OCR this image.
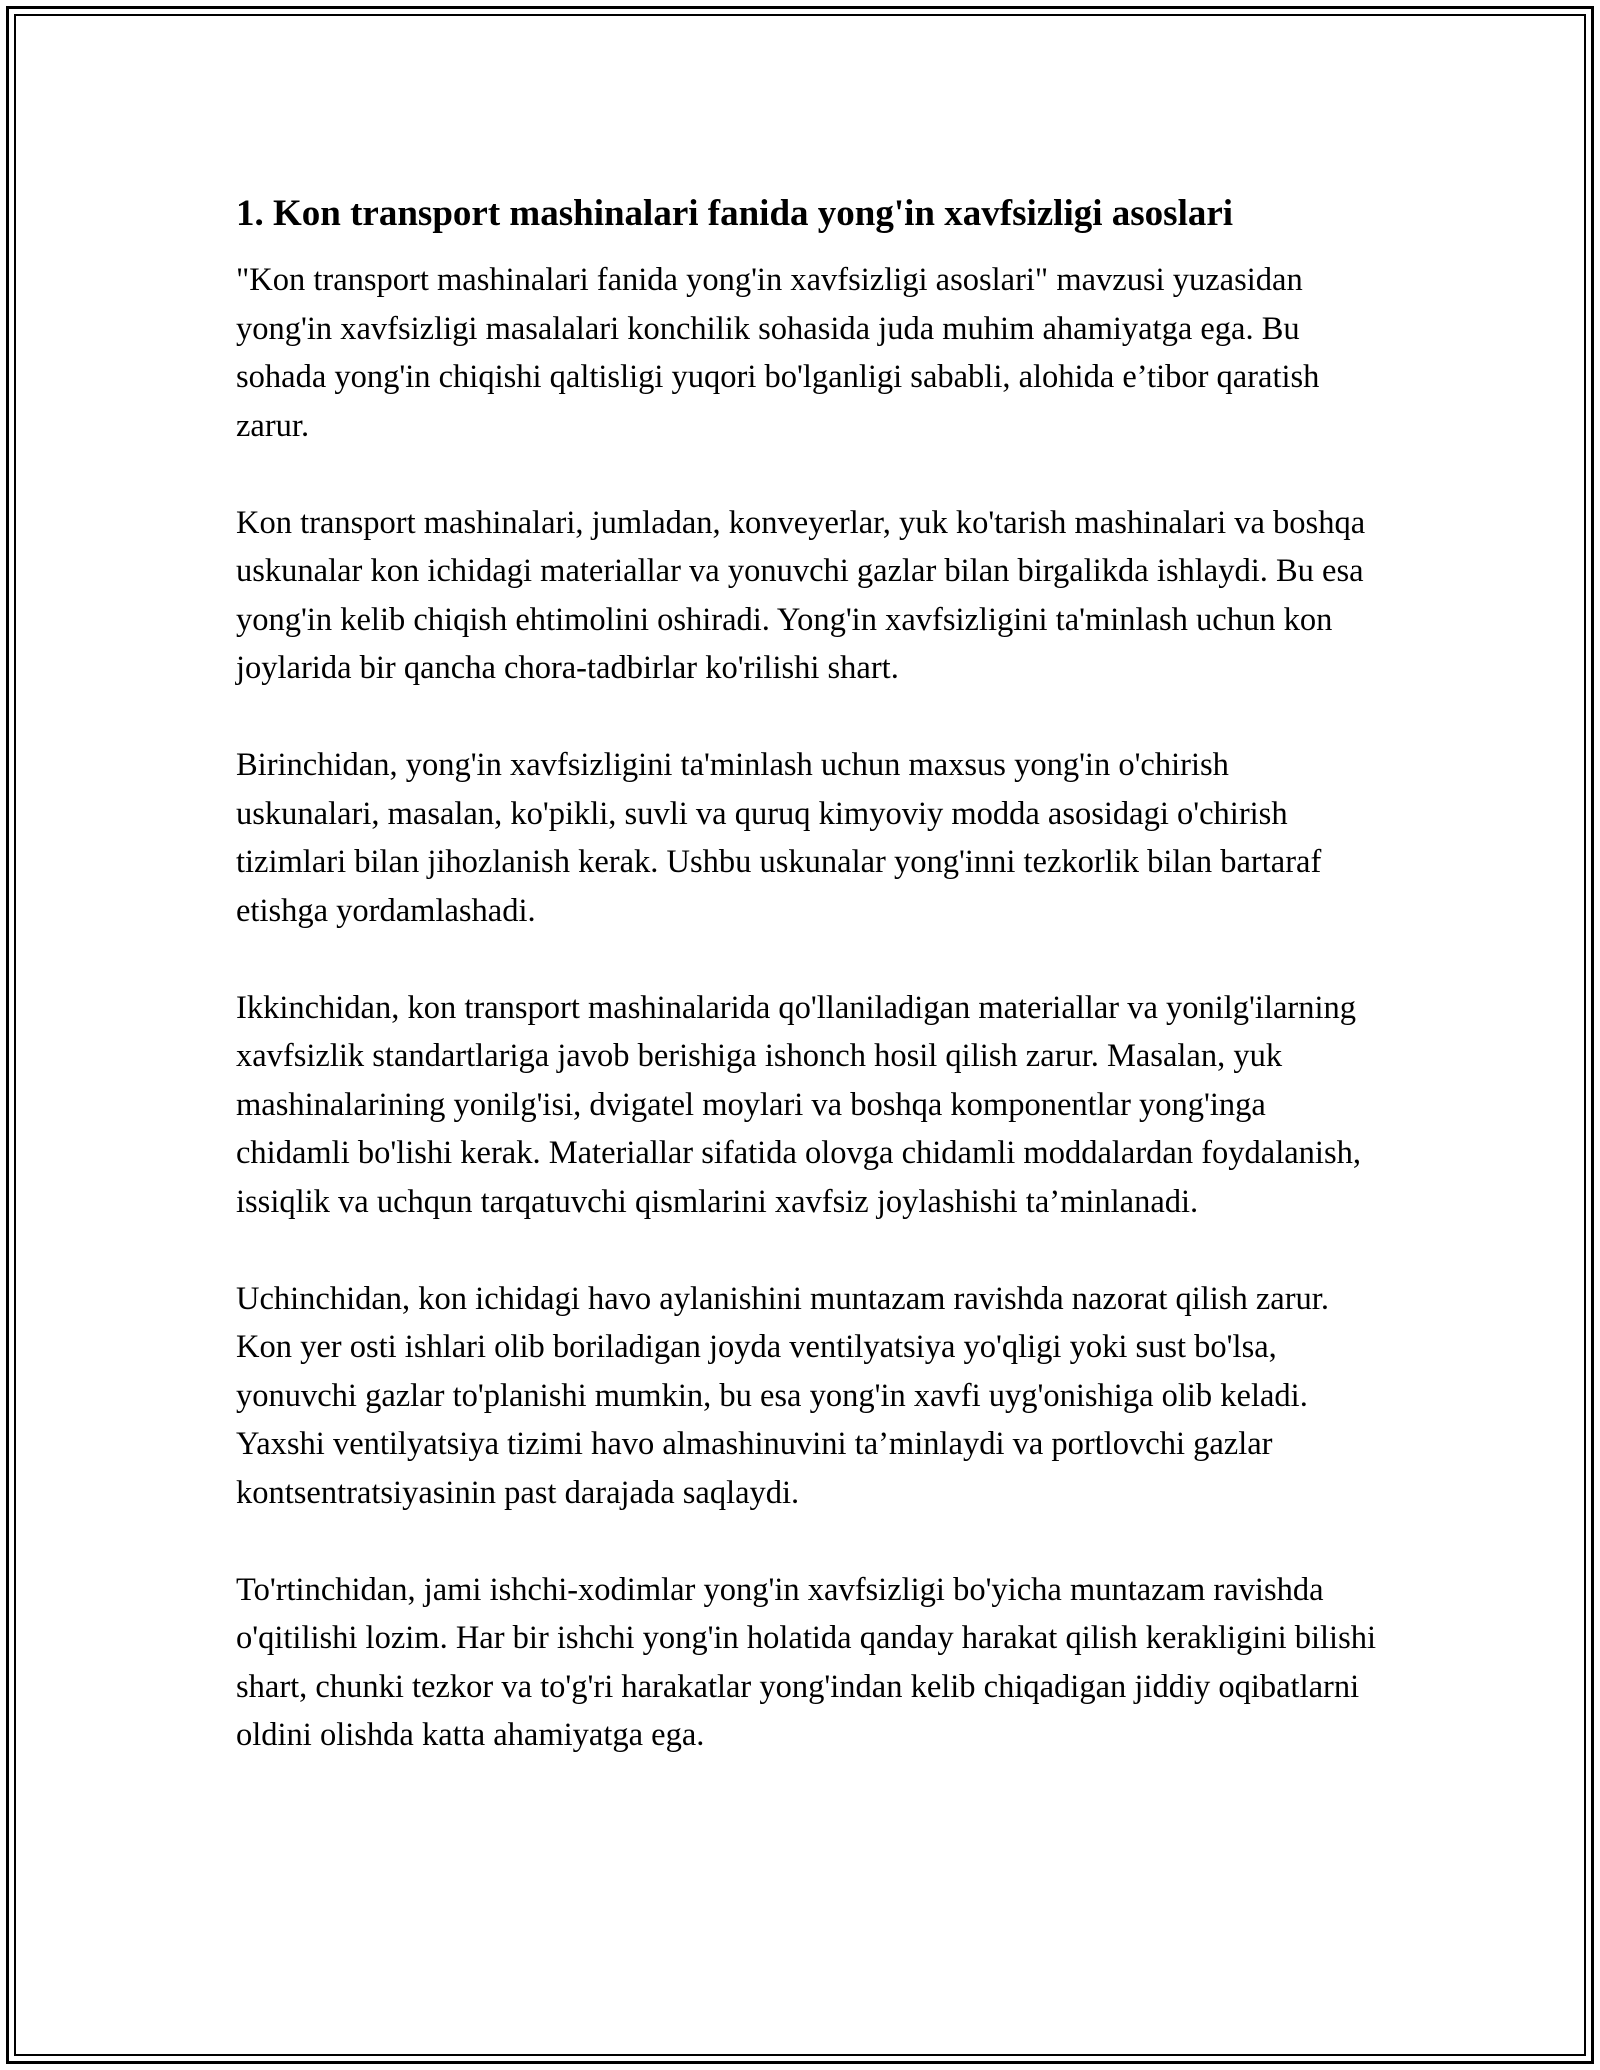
1. Kon transport mashinalari fanida yong'in xavfsizligi asoslari

"Kon transport mashinalari fanida yong'in xavfsizligi asoslari" mavzusi yuzasidan yong'in xavfsizligi masalalari konchilik sohasida juda muhim ahamiyatga ega. Bu sohada yong'in chiqishi qaltisligi yuqori bo'lganligi sababli, alohida e’tibor qaratish zarur.

Kon transport mashinalari, jumladan, konveyerlar, yuk ko'tarish mashinalari va boshqa uskunalar kon ichidagi materiallar va yonuvchi gazlar bilan birgalikda ishlaydi. Bu esa yong'in kelib chiqish ehtimolini oshiradi. Yong'in xavfsizligini ta'minlash uchun kon joylarida bir qancha chora-tadbirlar ko'rilishi shart.

Birinchidan, yong'in xavfsizligini ta'minlash uchun maxsus yong'in o'chirish uskunalari, masalan, ko'pikli, suvli va quruq kimyoviy modda asosidagi o'chirish tizimlari bilan jihozlanish kerak. Ushbu uskunalar yong'inni tezkorlik bilan bartaraf etishga yordamlashadi.

Ikkinchidan, kon transport mashinalarida qo'llaniladigan materiallar va yonilg'ilarning xavfsizlik standartlariga javob berishiga ishonch hosil qilish zarur. Masalan, yuk mashinalarining yonilg'isi, dvigatel moylari va boshqa komponentlar yong'inga chidamli bo'lishi kerak. Materiallar sifatida olovga chidamli moddalardan foydalanish, issiqlik va uchqun tarqatuvchi qismlarini xavfsiz joylashishi ta’minlanadi.

Uchinchidan, kon ichidagi havo aylanishini muntazam ravishda nazorat qilish zarur. Kon yer osti ishlari olib boriladigan joyda ventilyatsiya yo'qligi yoki sust bo'lsa, yonuvchi gazlar to'planishi mumkin, bu esa yong'in xavfi uyg'onishiga olib keladi. Yaxshi ventilyatsiya tizimi havo almashinuvini ta’minlaydi va portlovchi gazlar kontsentratsiyasinin past darajada saqlaydi.

To'rtinchidan, jami ishchi-xodimlar yong'in xavfsizligi bo'yicha muntazam ravishda o'qitilishi lozim. Har bir ishchi yong'in holatida qanday harakat qilish kerakligini bilishi shart, chunki tezkor va to'g'ri harakatlar yong'indan kelib chiqadigan jiddiy oqibatlarni oldini olishda katta ahamiyatga ega.
